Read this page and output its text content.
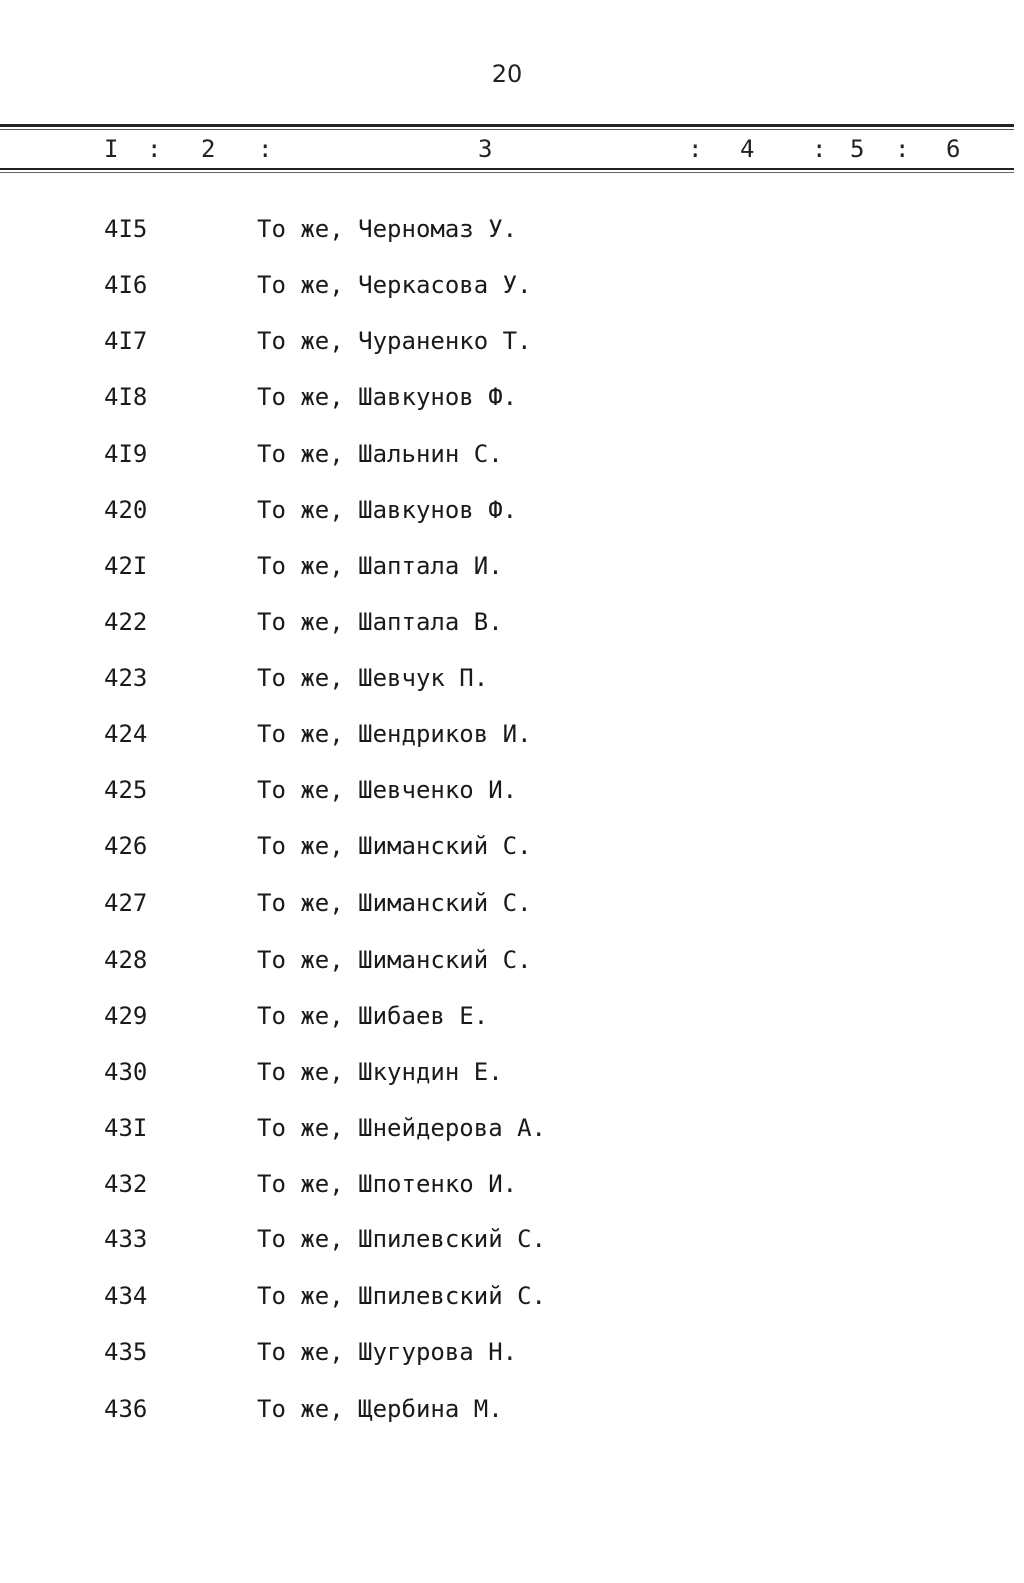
20
I : 2 :	3	: 4 : 5 : 6
4I5	То же, Черномаз У.
4I6	То же, Черкасова У.
4I7	То же, Чураненко Т.
4I8	То же, Шавкунов Ф.
4I9	То же, Шальнин С.
420	То же, Шавкунов Ф.
42I	То же, Шаптала И.
422	То же, Шаптала В.
423	То же, Шевчук П.
424	То же, Шендриков И.
425	То же, Шевченко И.
426	То же, Шиманский С.
427	То же, Шиманский С.
428	То же, Шиманский С.
429	То же, Шибаев Е.
430	То же, Шкундин Е.
43I	То же, Шнейдерова А.
432	То же, Шпотенко И.
433	То же, Шпилевский С.
434	То же, Шпилевский С.
435	То же, Шугурова Н.
436	То же, Щербина М.
